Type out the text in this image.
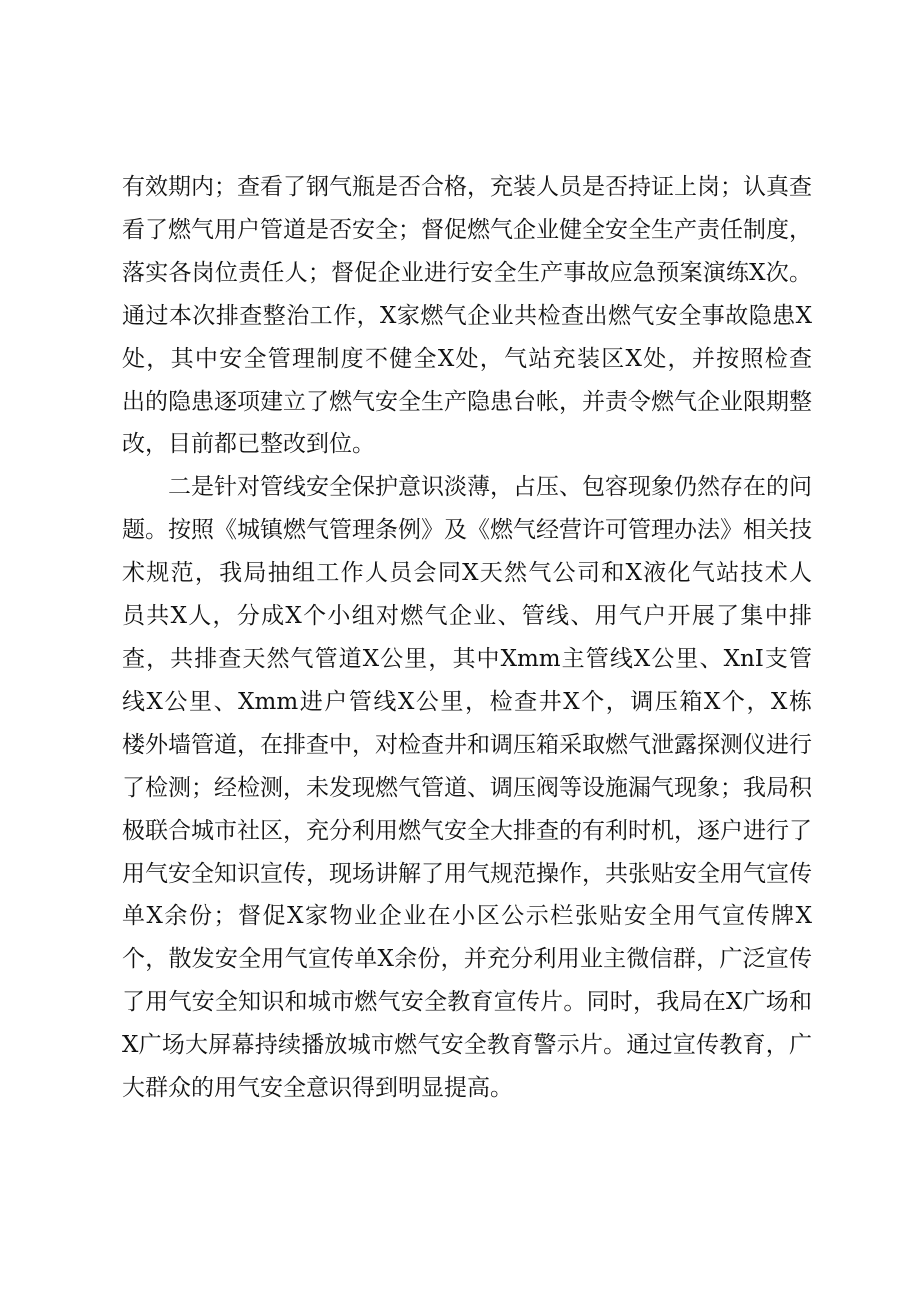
有效期内；查看了钢气瓶是否合格，充装人员是否持证上岗；认真查

看了燃气用户管道是否安全；督促燃气企业健全安全生产责任制度，

落实各岗位责任人；督促企业进行安全生产事故应急预案演练X次。

通过本次排查整治工作，X家燃气企业共检查出燃气安全事故隐患X

处，其中安全管理制度不健全X处，气站充装区X处，并按照检查

出的隐患逐项建立了燃气安全生产隐患台帐，并责令燃气企业限期整

改，目前都已整改到位。

二是针对管线安全保护意识淡薄，占压、包容现象仍然存在的问

题。按照《城镇燃气管理条例》及《燃气经营许可管理办法》相关技

术规范，我局抽组工作人员会同X天然气公司和X液化气站技术人

员共X人，分成X个小组对燃气企业、管线、用气户开展了集中排

查，共排查天然气管道X公里，其中Xmm主管线X公里、XnI支管

线X公里、Xmm进户管线X公里，检查井X个，调压箱X个，X栋

楼外墙管道，在排查中，对检查井和调压箱采取燃气泄露探测仪进行

了检测；经检测，未发现燃气管道、调压阀等设施漏气现象；我局积

极联合城市社区，充分利用燃气安全大排查的有利时机，逐户进行了

用气安全知识宣传，现场讲解了用气规范操作，共张贴安全用气宣传

单X余份；督促X家物业企业在小区公示栏张贴安全用气宣传牌X

个，散发安全用气宣传单X余份，并充分利用业主微信群，广泛宣传

了用气安全知识和城市燃气安全教育宣传片。同时，我局在X广场和

X广场大屏幕持续播放城市燃气安全教育警示片。通过宣传教育，广

大群众的用气安全意识得到明显提高。
